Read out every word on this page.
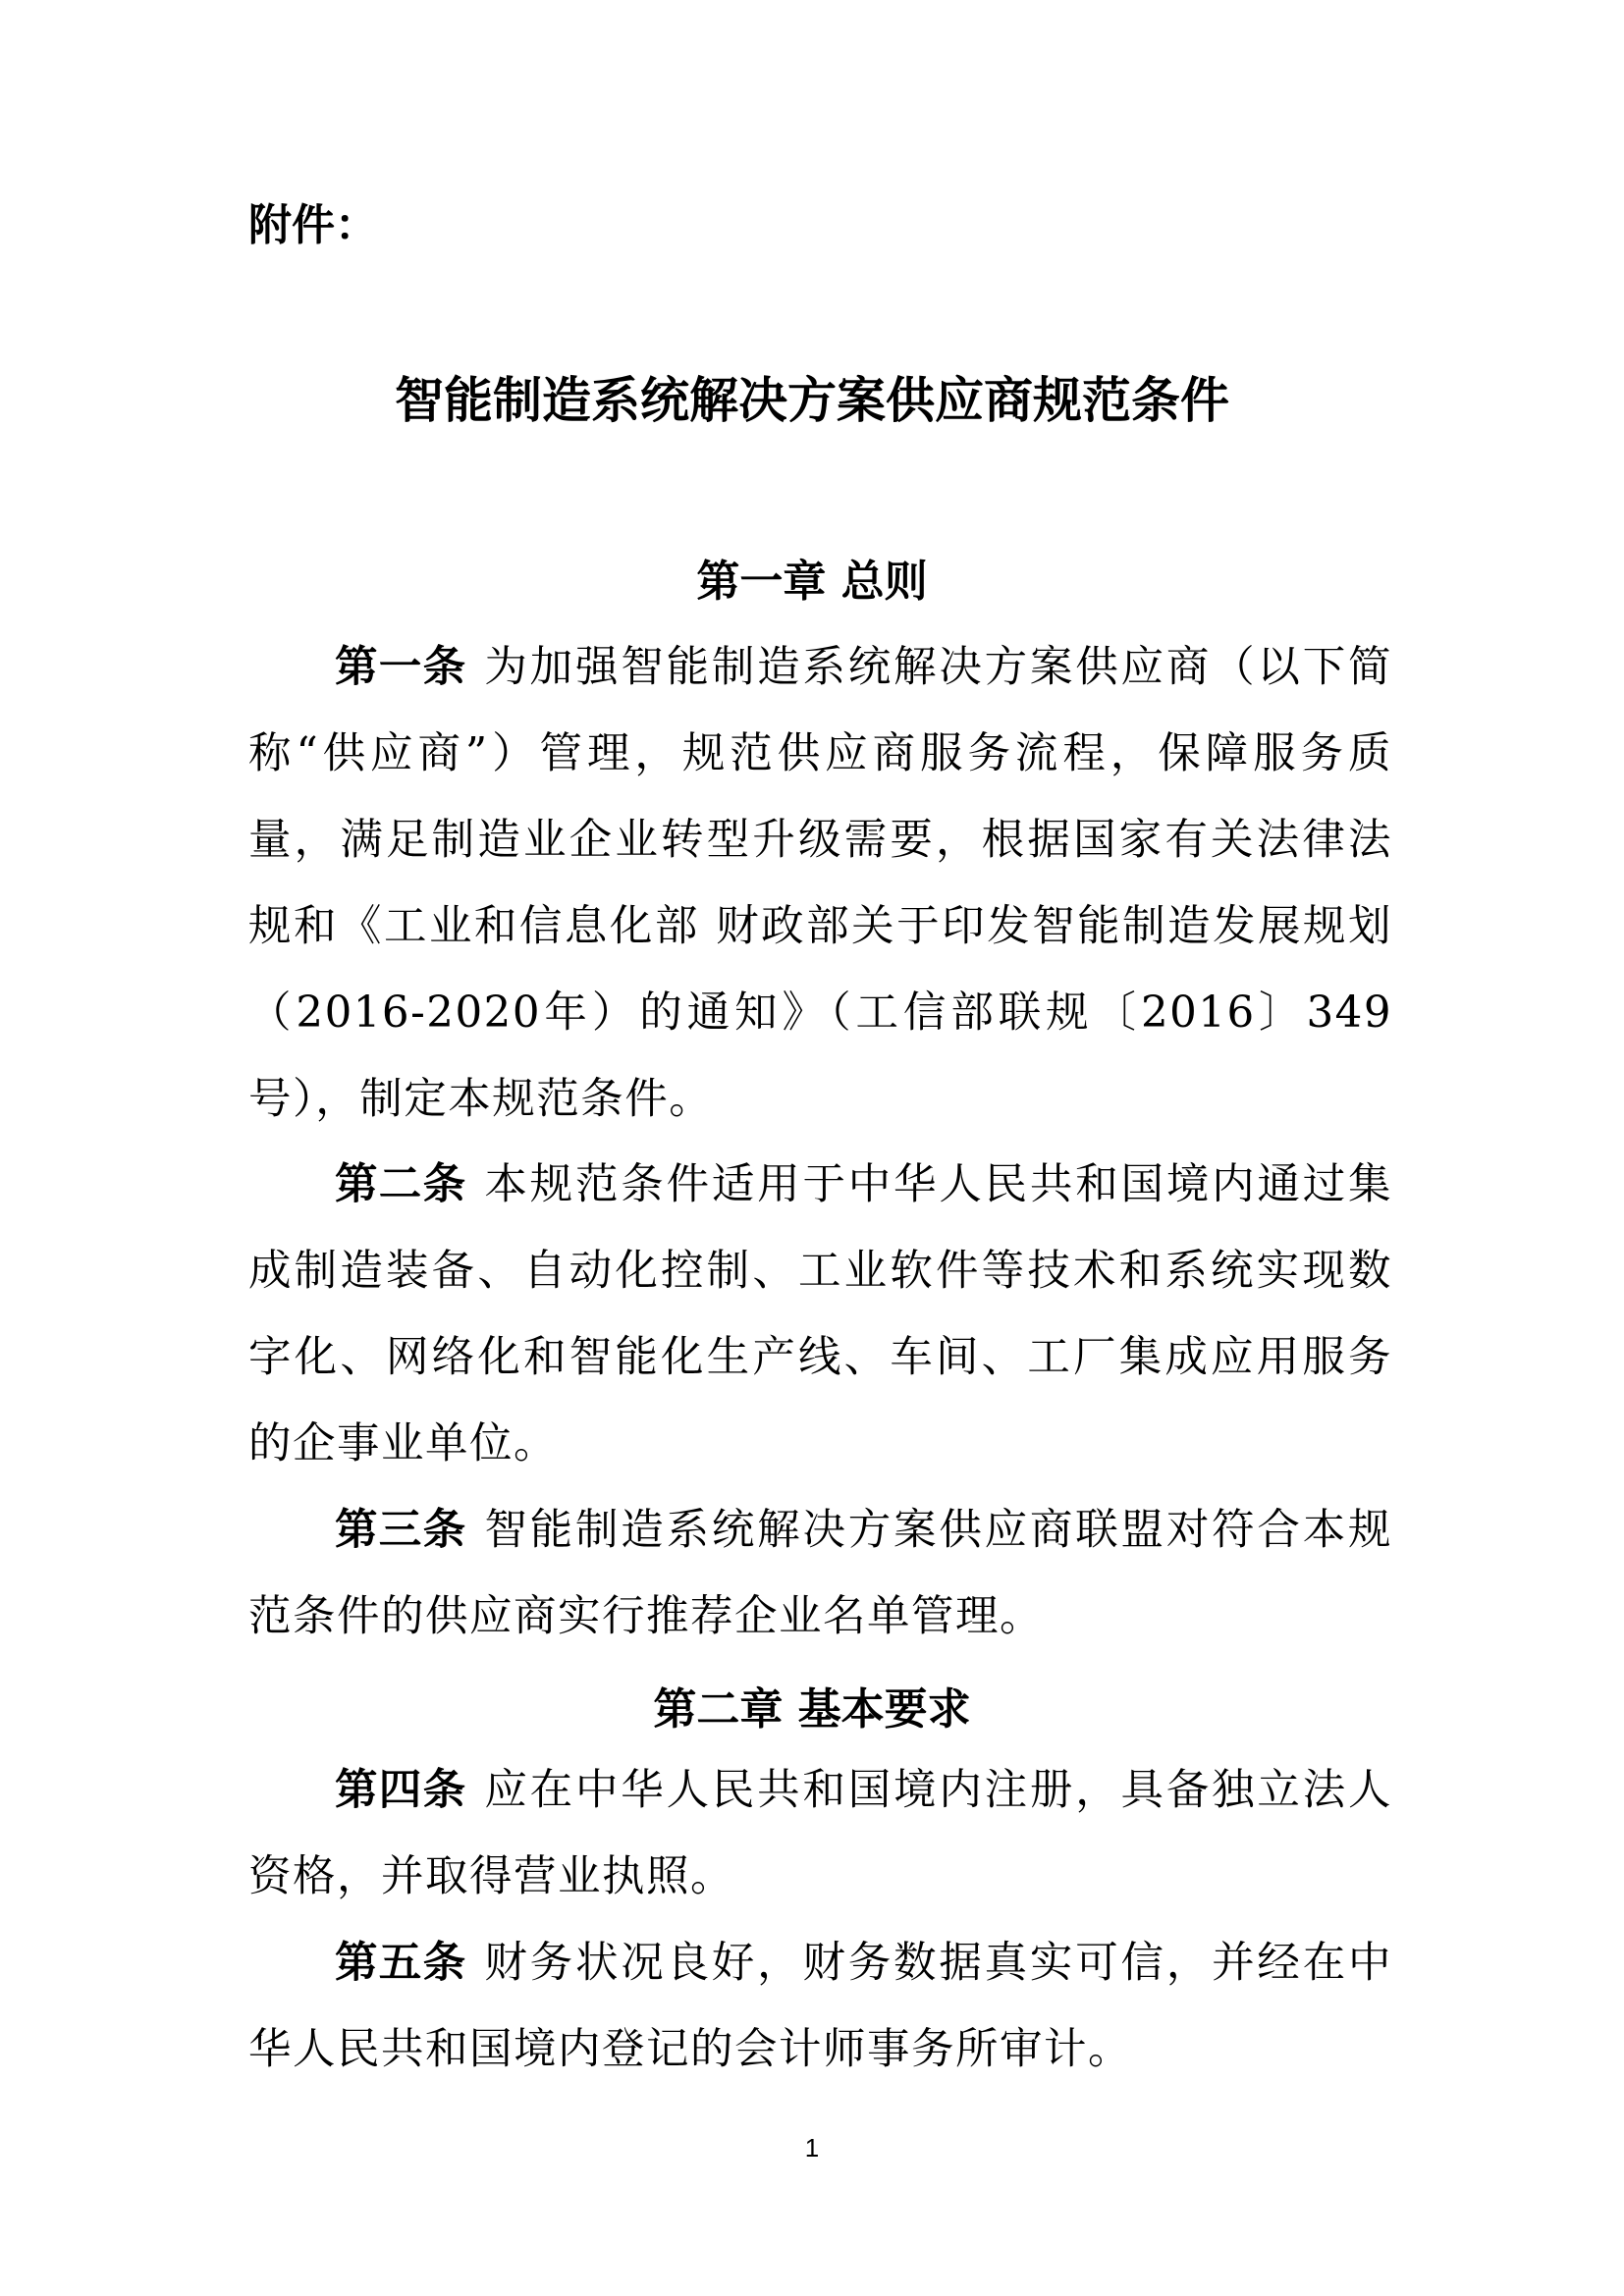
附件：
智能制造系统解决方案供应商规范条件
第一章 总则

第一条 为加强智能制造系统解决方案供应商（以下简称“供应商”）管理，规范供应商服务流程，保障服务质量，满足制造业企业转型升级需要，根据国家有关法律法规和《工业和信息化部 财政部关于印发智能制造发展规划（2016-2020年）的通知》（工信部联规〔2016〕349号），制定本规范条件。

第二条 本规范条件适用于中华人民共和国境内通过集成制造装备、自动化控制、工业软件等技术和系统实现数字化、网络化和智能化生产线、车间、工厂集成应用服务的企事业单位。

第三条 智能制造系统解决方案供应商联盟对符合本规范条件的供应商实行推荐企业名单管理。

第二章 基本要求

第四条 应在中华人民共和国境内注册，具备独立法人资格，并取得营业执照。

第五条 财务状况良好，财务数据真实可信，并经在中华人民共和国境内登记的会计师事务所审计。

1
